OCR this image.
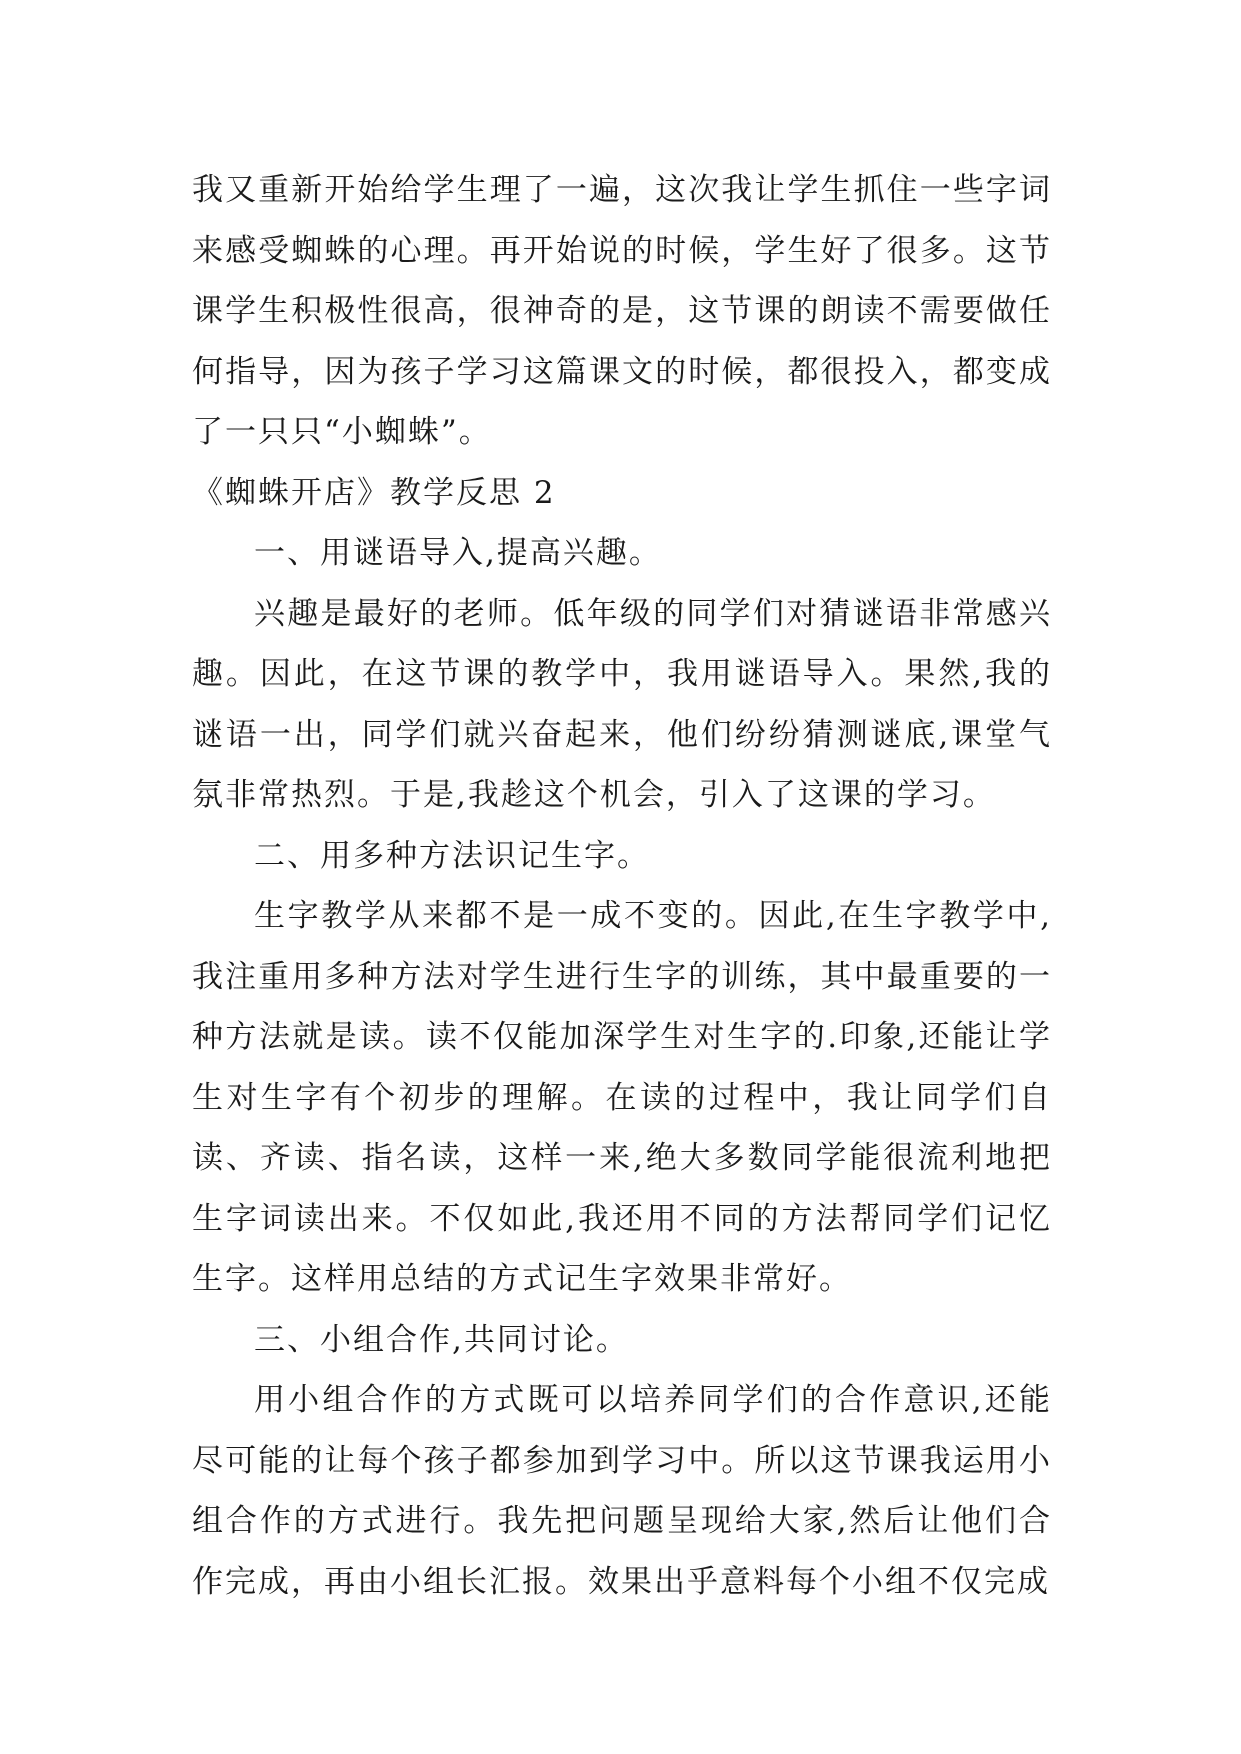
我又重新开始给学生理了一遍，这次我让学生抓住一些字词来感受蜘蛛的心理。再开始说的时候，学生好了很多。这节课学生积极性很高，很神奇的是，这节课的朗读不需要做任何指导，因为孩子学习这篇课文的时候，都很投入，都变成了一只只“小蜘蛛”。

《蜘蛛开店》教学反思 2

一、用谜语导入,提高兴趣。

兴趣是最好的老师。低年级的同学们对猜谜语非常感兴趣。因此，在这节课的教学中，我用谜语导入。果然,我的谜语一出，同学们就兴奋起来，他们纷纷猜测谜底,课堂气氛非常热烈。于是,我趁这个机会，引入了这课的学习。

二、用多种方法识记生字。

生字教学从来都不是一成不变的。因此,在生字教学中,我注重用多种方法对学生进行生字的训练，其中最重要的一种方法就是读。读不仅能加深学生对生字的.印象,还能让学生对生字有个初步的理解。在读的过程中，我让同学们自读、齐读、指名读，这样一来,绝大多数同学能很流利地把生字词读出来。不仅如此,我还用不同的方法帮同学们记忆生字。这样用总结的方式记生字效果非常好。

三、小组合作,共同讨论。

用小组合作的方式既可以培养同学们的合作意识,还能尽可能的让每个孩子都参加到学习中。所以这节课我运用小组合作的方式进行。我先把问题呈现给大家,然后让他们合作完成，再由小组长汇报。效果出乎意料每个小组不仅完成
